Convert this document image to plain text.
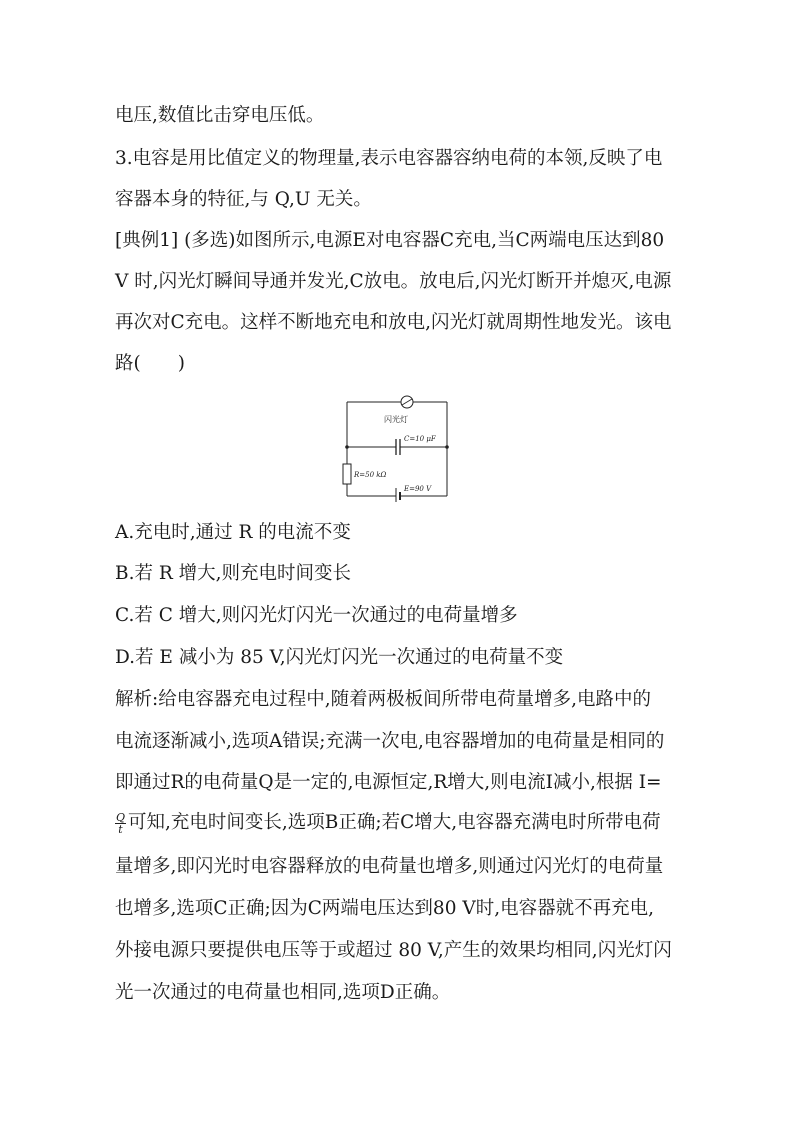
电压,数值比击穿电压低。
3.电容是用比值定义的物理量,表示电容器容纳电荷的本领,反映了电
容器本身的特征,与 Q,U 无关。
[典例1] (多选)如图所示,电源E对电容器C充电,当C两端电压达到80
V 时,闪光灯瞬间导通并发光,C放电。放电后,闪光灯断开并熄灭,电源
再次对C充电。这样不断地充电和放电,闪光灯就周期性地发光。该电
路(　　)
闪光灯
C=10 μF
R=50 kΩ
E=90 V
A.充电时,通过 R 的电流不变
B.若 R 增大,则充电时间变长
C.若 C 增大,则闪光灯闪光一次通过的电荷量增多
D.若 E 减小为 85 V,闪光灯闪光一次通过的电荷量不变
解析:给电容器充电过程中,随着两极板间所带电荷量增多,电路中的
电流逐渐减小,选项A错误;充满一次电,电容器增加的电荷量是相同的
即通过R的电荷量Q是一定的,电源恒定,R增大,则电流I减小,根据 I=
$\frac{Q}{t}$ 可知,充电时间变长,选项B正确;若C增大,电容器充满电时所带电荷
量增多,即闪光时电容器释放的电荷量也增多,则通过闪光灯的电荷量
也增多,选项C正确;因为C两端电压达到80 V时,电容器就不再充电,
外接电源只要提供电压等于或超过 80 V,产生的效果均相同,闪光灯闪
光一次通过的电荷量也相同,选项D正确。
